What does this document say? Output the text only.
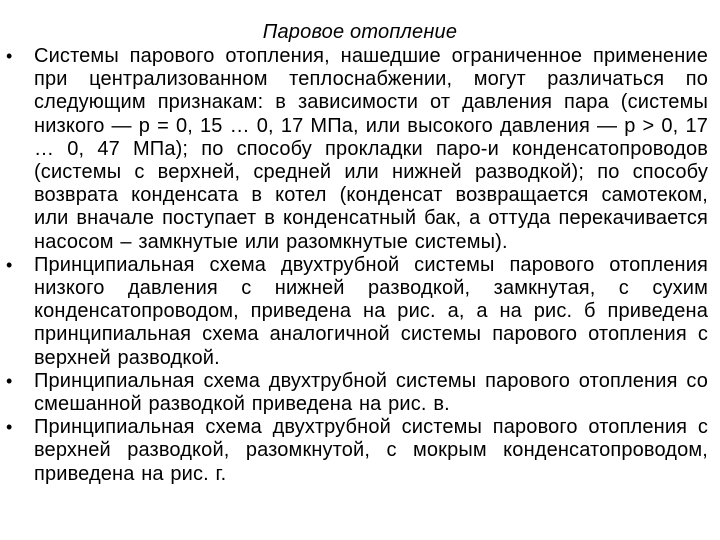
Паровое отопление
• Системы парового отопления, нашедшие ограниченное применение при централизованном теплоснабжении, могут различаться по следующим признакам: в зависимости от давления пара (системы низкого — р = 0, 15 … 0, 17 МПа, или высокого давления — р > 0, 17 … 0, 47 МПа); по способу прокладки паро-и конденсатопроводов (системы с верхней, средней или нижней разводкой); по способу возврата конденсата в котел (конденсат возвращается самотеком, или вначале поступает в конденсатный бак, а оттуда перекачивается насосом – замкнутые или разомкнутые системы).
• Принципиальная схема двухтрубной системы парового отопления низкого давления с нижней разводкой, замкнутая, с сухим конденсатопроводом, приведена на рис. а, а на рис. б приведена принципиальная схема аналогичной системы парового отопления с верхней разводкой.
• Принципиальная схема двухтрубной системы парового отопления со смешанной разводкой приведена на рис. в.
• Принципиальная схема двухтрубной системы парового отопления с верхней разводкой, разомкнутой, с мокрым конденсатопроводом, приведена на рис. г.
